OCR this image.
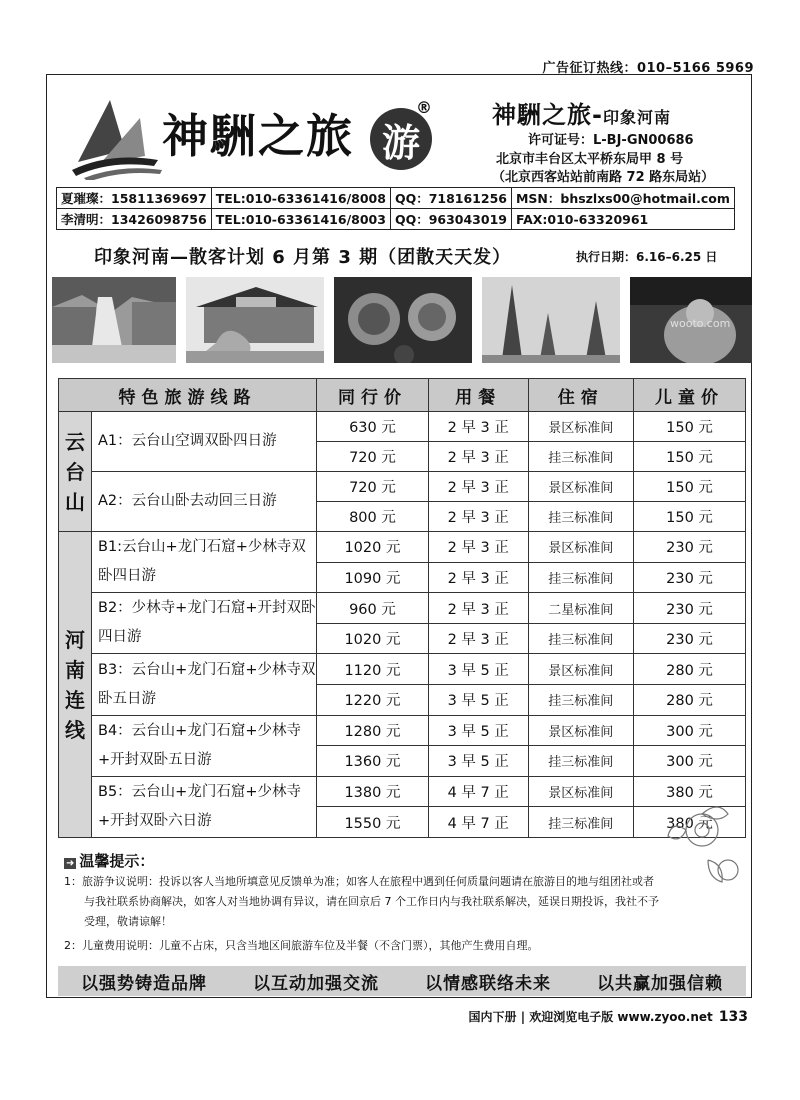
广告征订热线：010–5166 5969
神駲之旅 游
®	神駲之旅-印象河南
许可证号：L-BJ-GN00686
北京市丰台区太平桥东局甲 8 号
（北京西客站站前南路 72 路东局站）
夏璀璨：15811369697	TEL:010-63361416/8008	QQ：718161256	MSN：bhszlxs00@hotmail.com
李清明：13426098756	TEL:010-63361416/8003	QQ：963043019	FAX:010-63320961
印象河南—散客计划 6 月第 3 期（团散天天发）	执行日期：6.16–6.25 日
wooto.com
特色旅游线路		同行价	用餐	住宿	儿童价
云台山	A1：云台山空调双卧四日游	630 元	2 早 3 正	景区标准间	150 元
		720 元	2 早 3 正	挂三标准间	150 元
	A2：云台山卧去动回三日游	720 元	2 早 3 正	景区标准间	150 元
		800 元	2 早 3 正	挂三标准间	150 元
河南连线	B1:云台山+龙门石窟+少林寺双卧四日游	1020 元	2 早 3 正	景区标准间	230 元
		1090 元	2 早 3 正	挂三标准间	230 元
	B2：少林寺+龙门石窟+开封双卧四日游	960 元	2 早 3 正	二星标准间	230 元
		1020 元	2 早 3 正	挂三标准间	230 元
	B3：云台山+龙门石窟+少林寺双卧五日游	1120 元	3 早 5 正	景区标准间	280 元
		1220 元	3 早 5 正	挂三标准间	280 元
	B4：云台山+龙门石窟+少林寺+开封双卧五日游	1280 元	3 早 5 正	景区标准间	300 元
		1360 元	3 早 5 正	挂三标准间	300 元
	B5：云台山+龙门石窟+少林寺+开封双卧六日游	1380 元	4 早 7 正	景区标准间	380 元
		1550 元	4 早 7 正	挂三标准间	380 元
➜ 温馨提示：
1：旅游争议说明：投诉以客人当地所填意见反馈单为准；如客人在旅程中遇到任何质量问题请在旅游目的地与组团社或者
与我社联系协商解决，如客人对当地协调有异议，请在回京后 7 个工作日内与我社联系解决，延误日期投诉，我社不予
受理，敬请谅解！
2：儿童费用说明：儿童不占床，只含当地区间旅游车位及半餐（不含门票），其他产生费用自理。
以强势铸造品牌	以互动加强交流	以情感联络未来	以共赢加强信赖
国内下册 | 欢迎浏览电子版 www.zyoo.net 133
